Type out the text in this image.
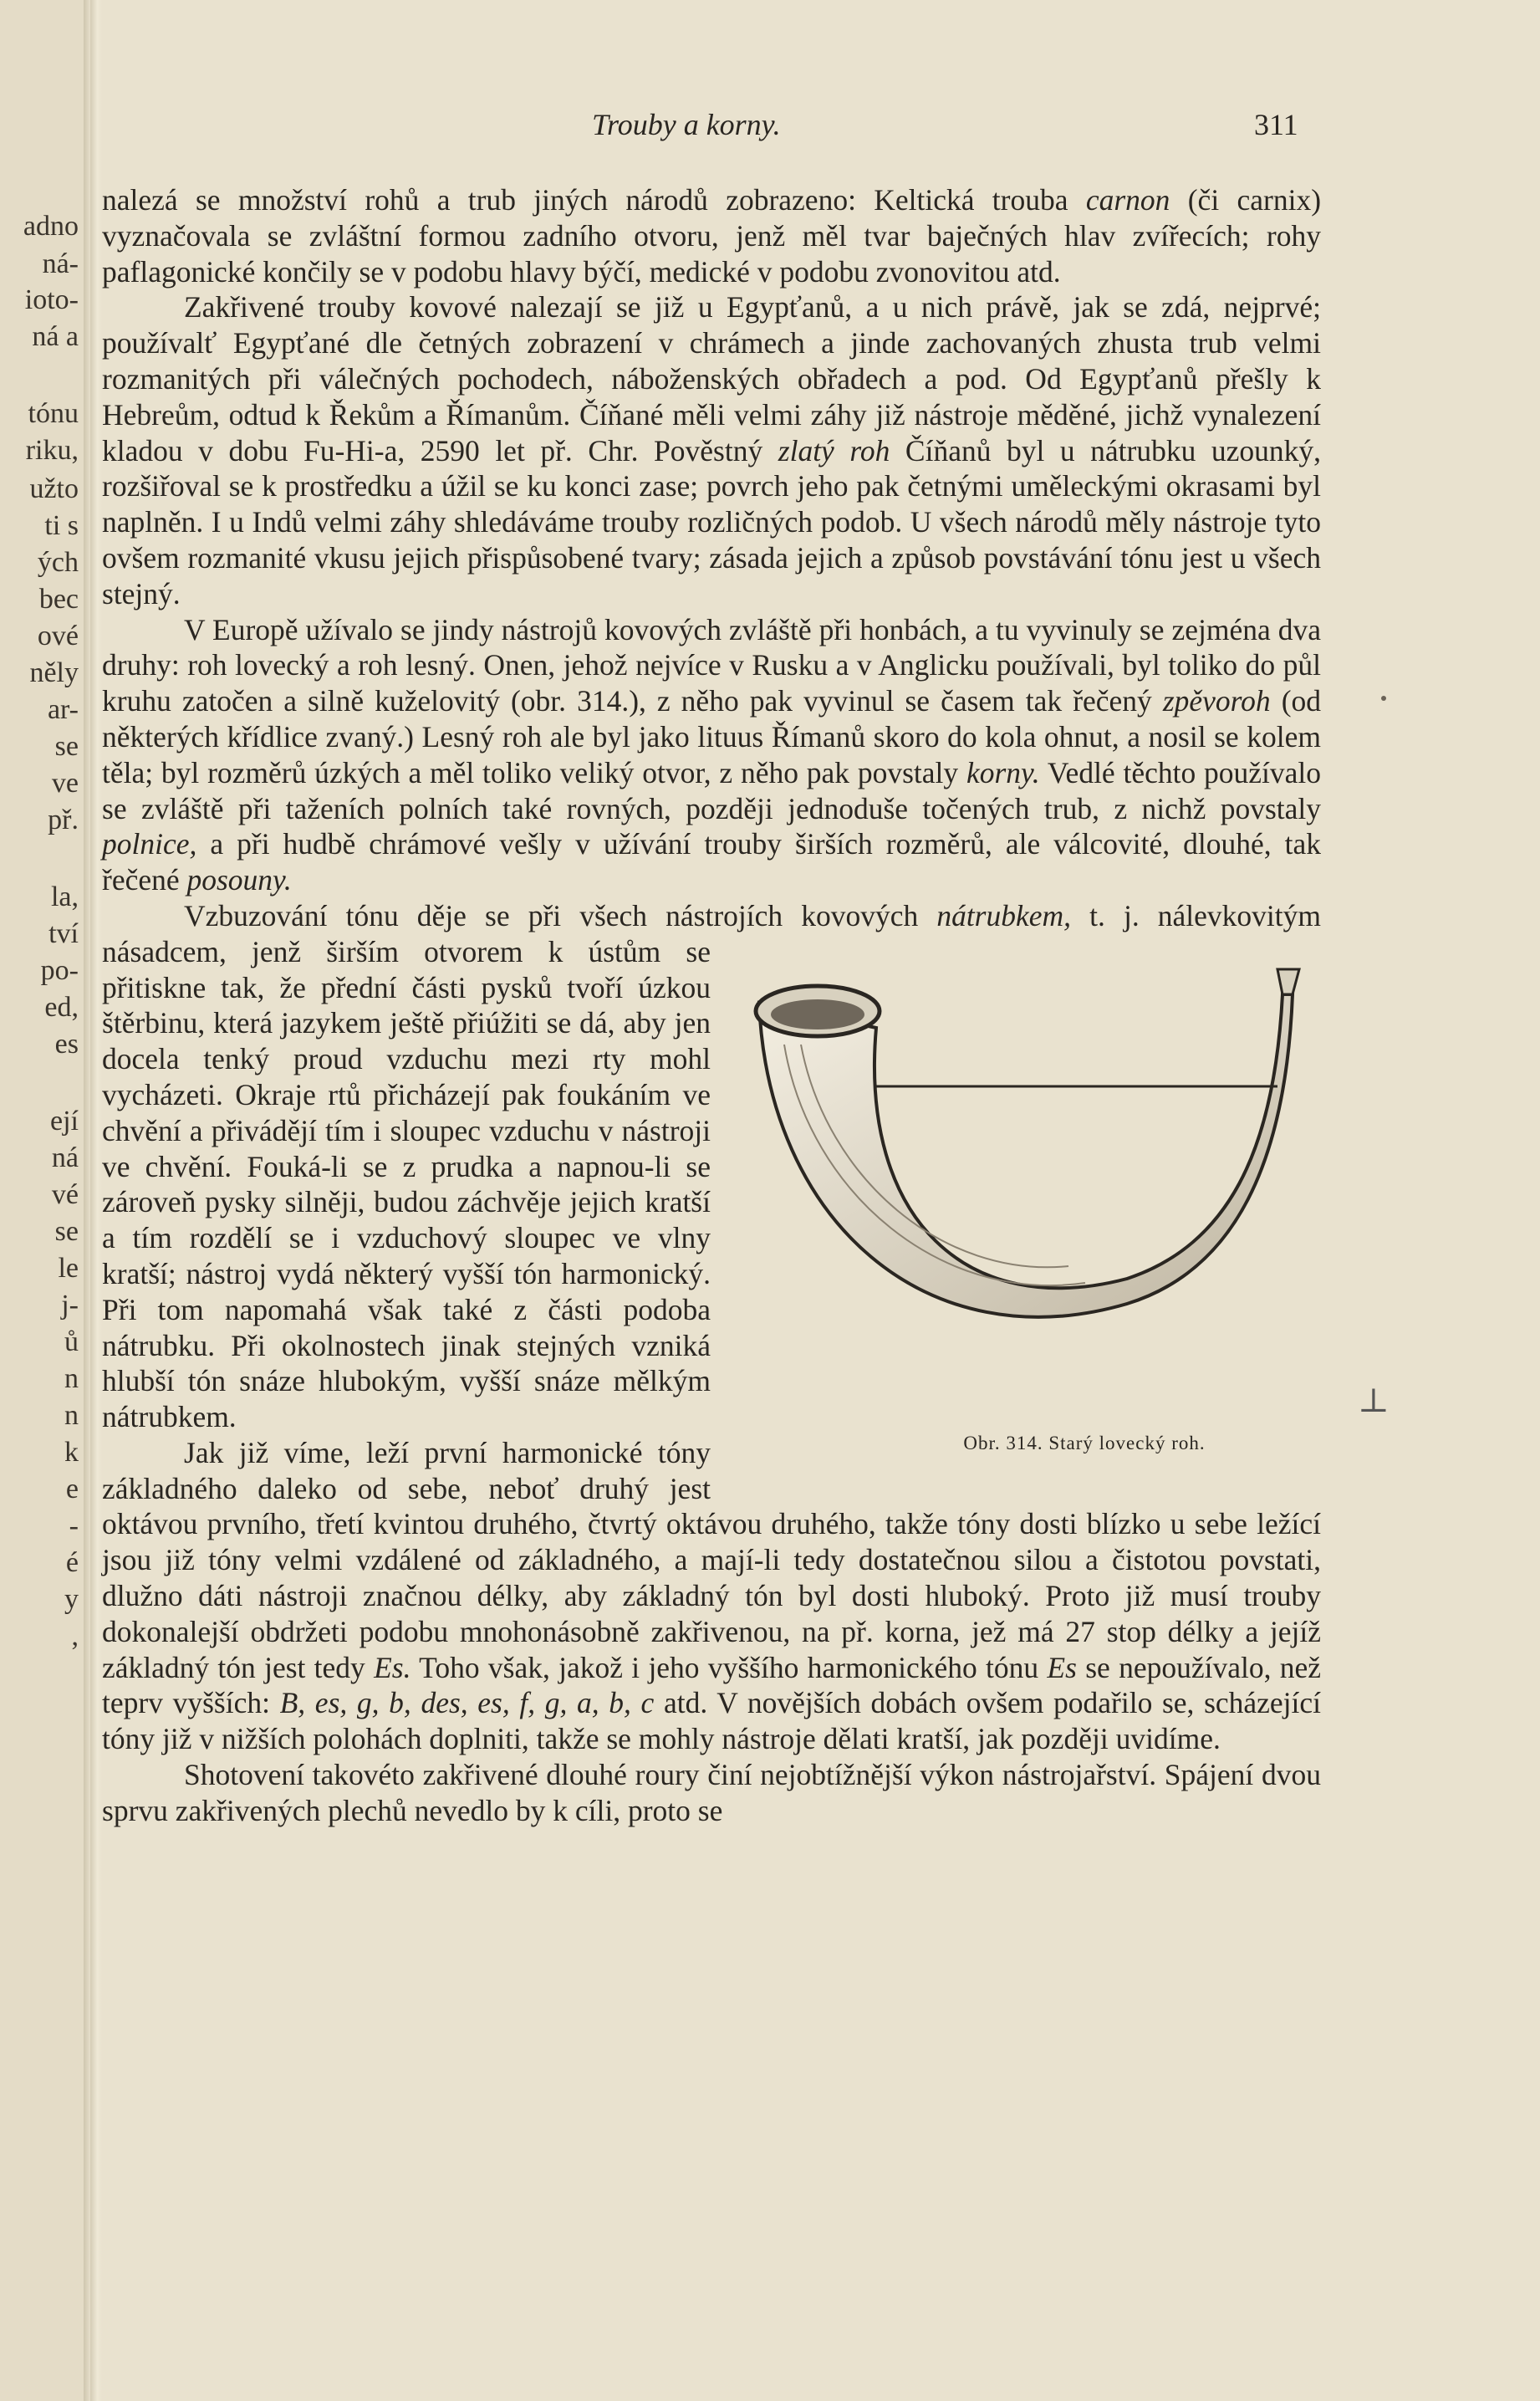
adno
ná-
ioto-
ná a
tónu
riku,
užto
ti s
ých
bec
ové
něly
ar-
se
ve
př.
la,
tví
po-
ed,
es
ejí
ná
vé
se
le
j-
ů
n
n
k
e
-
é
y
,
Trouby a korny.	311

nalezá se množství rohů a trub jiných národů zobrazeno: Keltická trouba carnon (či carnix) vyznačovala se zvláštní formou zadního otvoru, jenž měl tvar baječných hlav zvířecích; rohy paflagonické končily se v podobu hlavy býčí, medické v podobu zvonovitou atd.

Zakřivené trouby kovové nalezají se již u Egypťanů, a u nich právě, jak se zdá, nejprvé; používalť Egypťané dle četných zobrazení v chrámech a jinde zachovaných zhusta trub velmi rozmanitých při válečných pochodech, náboženských obřadech a pod. Od Egypťanů přešly k Hebreům, odtud k Řekům a Římanům. Číňané měli velmi záhy již nástroje měděné, jichž vynalezení kladou v dobu Fu-Hi-a, 2590 let př. Chr. Pověstný zlatý roh Číňanů byl u nátrubku uzounký, rozšiřoval se k prostředku a úžil se ku konci zase; povrch jeho pak četnými uměleckými okrasami byl naplněn. I u Indů velmi záhy shledáváme trouby rozličných podob. U všech národů měly nástroje tyto ovšem rozmanité vkusu jejich přispůsobené tvary; zásada jejich a způsob povstávání tónu jest u všech stejný.

V Europě užívalo se jindy nástrojů kovových zvláště při honbách, a tu vyvinuly se zejména dva druhy: roh lovecký a roh lesný. Onen, jehož nejvíce v Rusku a v Anglicku používali, byl toliko do půl kruhu zatočen a silně kuželovitý (obr. 314.), z něho pak vyvinul se časem tak řečený zpěvoroh (od některých křídlice zvaný.) Lesný roh ale byl jako lituus Římanů skoro do kola ohnut, a nosil se kolem těla; byl rozměrů úzkých a měl toliko veliký otvor, z něho pak povstaly korny. Vedlé těchto používalo se zvláště při taženích polních také rovných, později jednoduše točených trub, z nichž povstaly polnice, a při hudbě chrámové vešly v užívání trouby širších rozměrů, ale válcovité, dlouhé, tak řečené posouny.

Vzbuzování tónu děje se při všech nástrojích kovových nátrubkem,
Obr. 314. Starý lovecký roh.
t. j. nálevkovitým násadcem, jenž širším otvorem k ústům se přitiskne tak, že přední části pysků tvoří úzkou štěrbinu, která jazykem ještě přiúžiti se dá, aby jen docela tenký proud vzduchu mezi rty mohl vycházeti. Okraje rtů přicházejí pak foukáním ve chvění a přivádějí tím i sloupec vzduchu v nástroji ve chvění. Fouká-li se z prudka a napnou-li se zároveň pysky silněji, budou záchvěje jejich kratší a tím rozdělí se i vzduchový sloupec ve vlny kratší; nástroj vydá některý vyšší tón harmonický. Při tom napomahá však také z části podoba nátrubku. Při okolnostech jinak stejných vzniká hlubší tón snáze hlubokým, vyšší snáze mělkým nátrubkem.

Jak již víme, leží první harmonické tóny základného daleko od sebe, neboť druhý jest oktávou prvního, třetí kvintou druhého, čtvrtý oktávou druhého, takže tóny dosti blízko u sebe ležící jsou již tóny velmi vzdálené od základného, a mají-li tedy dostatečnou silou a čistotou povstati, dlužno dáti nástroji značnou délky, aby základný tón byl dosti hluboký. Proto již musí trouby dokonalejší obdržeti podobu mnohonásobně zakřivenou, na př. korna, jež má 27 stop délky a jejíž základný tón jest tedy Es. Toho však, jakož i jeho vyššího harmonického tónu Es se nepoužívalo, než teprv vyšších: B, es, g, b, des, es, f, g, a, b, c atd. V novějších dobách ovšem podařilo se, scházející tóny již v nižších polohách doplniti, takže se mohly nástroje dělati kratší, jak později uvidíme.

Shotovení takovéto zakřivené dlouhé roury činí nejobtížnější výkon nástrojařství. Spájení dvou sprvu zakřivených plechů nevedlo by k cíli, proto se

⊥
